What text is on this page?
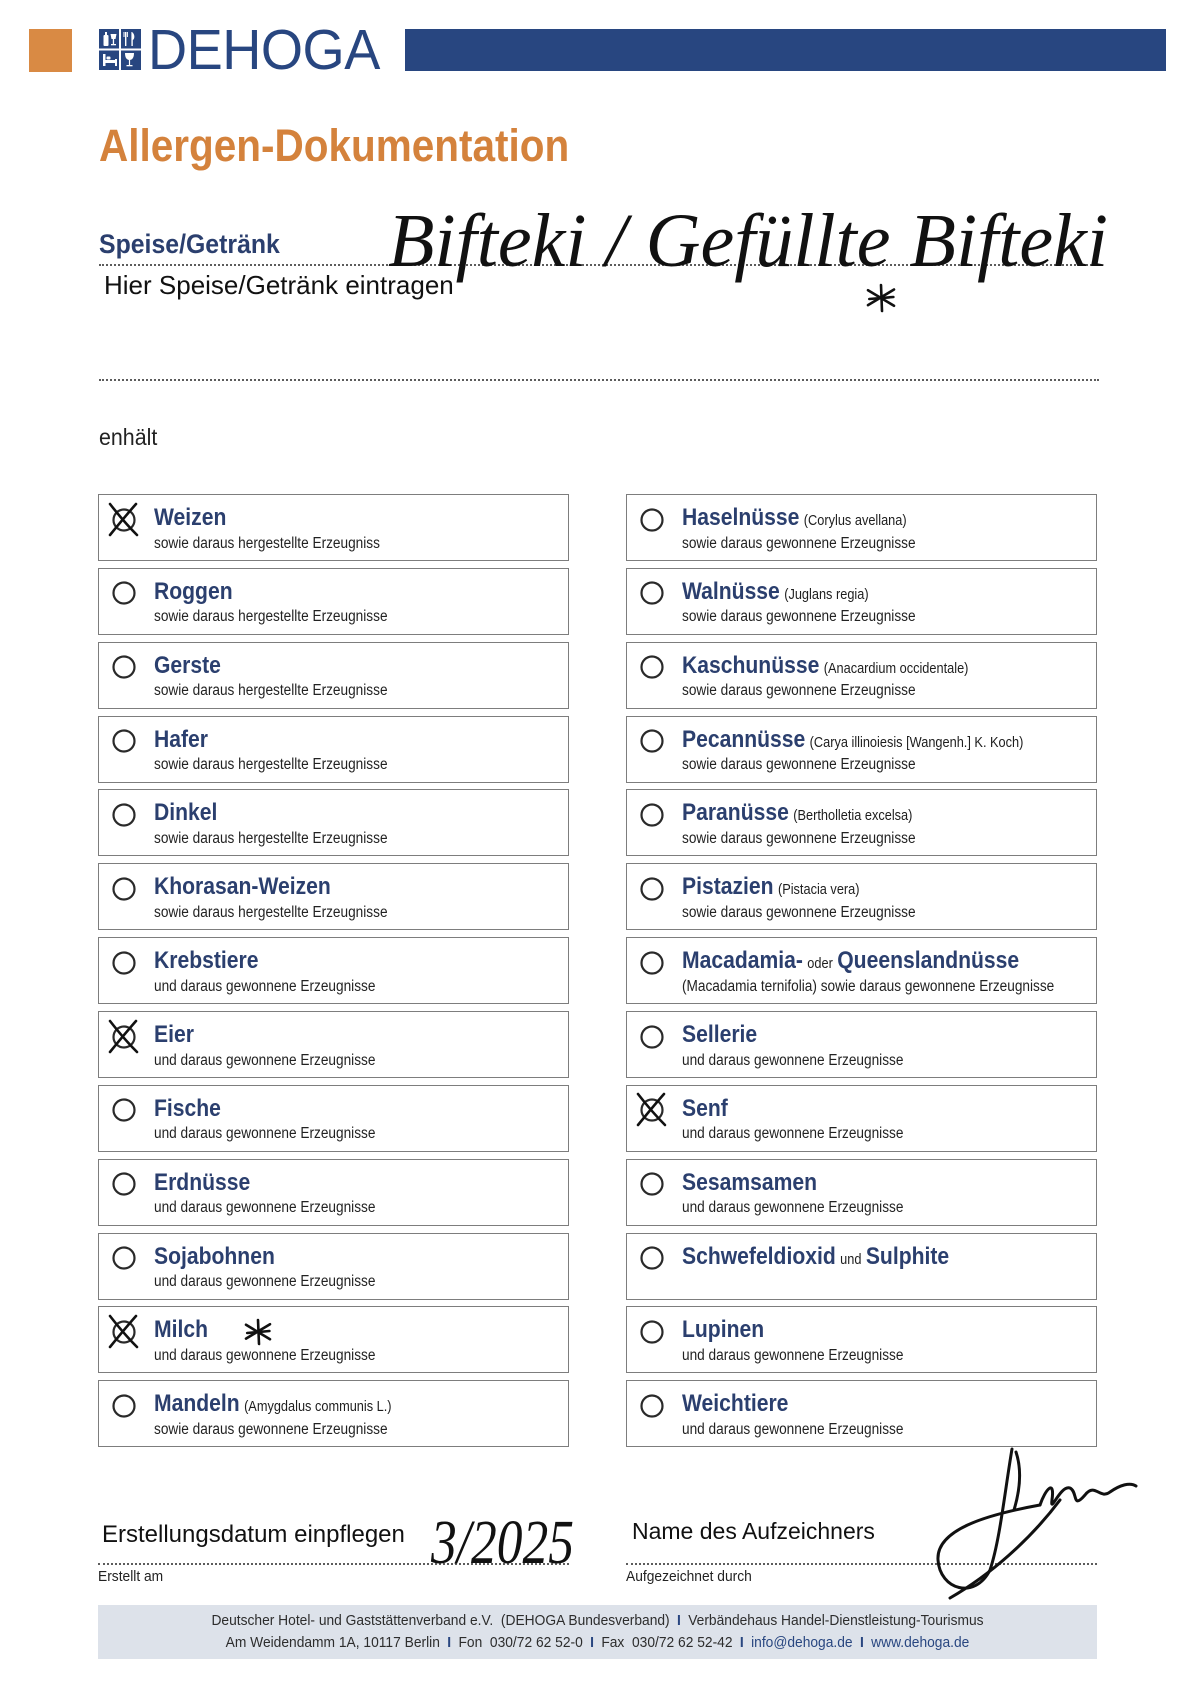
DEHOGA
Allergen-Dokumentation
Speise/Getränk
Hier Speise/Getränk eintragen
enhält
Weizen
sowie daraus hergestellte Erzeugniss
Roggen
sowie daraus hergestellte Erzeugnisse
Gerste
sowie daraus hergestellte Erzeugnisse
Hafer
sowie daraus hergestellte Erzeugnisse
Dinkel
sowie daraus hergestellte Erzeugnisse
Khorasan-Weizen
sowie daraus hergestellte Erzeugnisse
Krebstiere
und daraus gewonnene Erzeugnisse
Eier
und daraus gewonnene Erzeugnisse
Fische
und daraus gewonnene Erzeugnisse
Erdnüsse
und daraus gewonnene Erzeugnisse
Sojabohnen
und daraus gewonnene Erzeugnisse
Milch
und daraus gewonnene Erzeugnisse
Mandeln (Amygdalus communis L.)
sowie daraus gewonnene Erzeugnisse
Haselnüsse (Corylus avellana)
sowie daraus gewonnene Erzeugnisse
Walnüsse (Juglans regia)
sowie daraus gewonnene Erzeugnisse
Kaschunüsse (Anacardium occidentale)
sowie daraus gewonnene Erzeugnisse
Pecannüsse (Carya illinoiesis [Wangenh.] K. Koch)
sowie daraus gewonnene Erzeugnisse
Paranüsse (Bertholletia excelsa)
sowie daraus gewonnene Erzeugnisse
Pistazien (Pistacia vera)
sowie daraus gewonnene Erzeugnisse
Macadamia- oder Queenslandnüsse
(Macadamia ternifolia) sowie daraus gewonnene Erzeugnisse
Sellerie
und daraus gewonnene Erzeugnisse
Senf
und daraus gewonnene Erzeugnisse
Sesamsamen
und daraus gewonnene Erzeugnisse
Schwefeldioxid und Sulphite
Lupinen
und daraus gewonnene Erzeugnisse
Weichtiere
und daraus gewonnene Erzeugnisse
Erstellungsdatum einpflegen
Erstellt am
Name des Aufzeichners
Aufgezeichnet durch
Deutscher Hotel- und Gaststättenverband e.V.  (DEHOGA Bundesverband) I Verbändehaus Handel-Dienstleistung-Tourismus
Am Weidendamm 1A, 10117 Berlin I Fon  030/72 62 52-0 I Fax  030/72 62 52-42 I info@dehoga.de I www.dehoga.de
Bifteki / Gefüllte Bifteki
3/2025
